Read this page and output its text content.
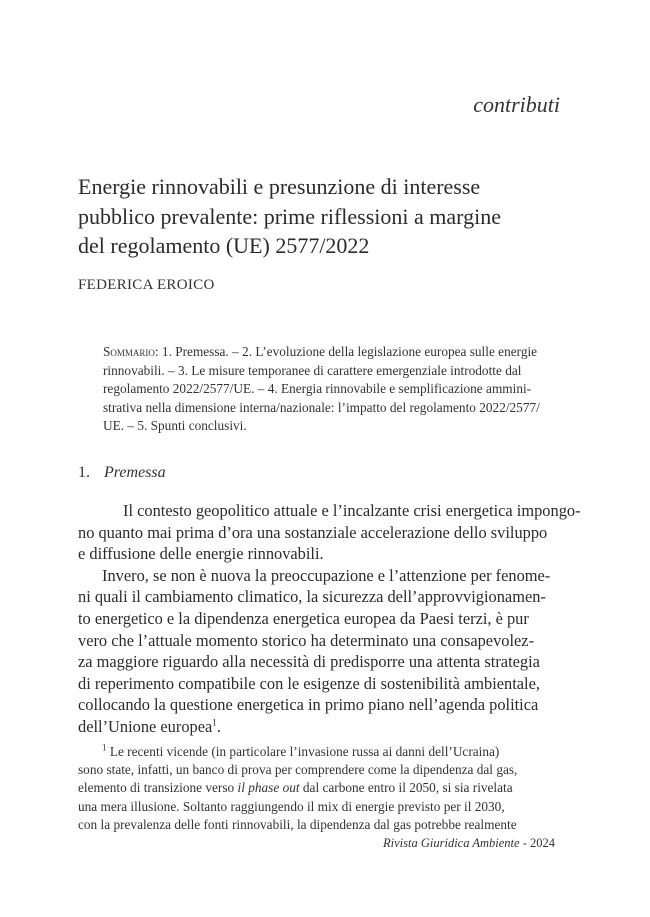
contributi
Energie rinnovabili e presunzione di interesse
pubblico prevalente: prime riflessioni a margine
del regolamento (UE) 2577/2022
FEDERICA EROICO
Sommario: 1. Premessa. – 2. L’evoluzione della legislazione europea sulle energie
rinnovabili. – 3. Le misure temporanee di carattere emergenziale introdotte dal
regolamento 2022/2577/UE. – 4. Energia rinnovabile e semplificazione ammini-
strativa nella dimensione interna/nazionale: l’impatto del regolamento 2022/2577/
UE. – 5. Spunti conclusivi.
1. Premessa
Il contesto geopolitico attuale e l’incalzante crisi energetica impongo-
no quanto mai prima d’ora una sostanziale accelerazione dello sviluppo
e diffusione delle energie rinnovabili.
Invero, se non è nuova la preoccupazione e l’attenzione per fenome-
ni quali il cambiamento climatico, la sicurezza dell’approvvigionamen-
to energetico e la dipendenza energetica europea da Paesi terzi, è pur
vero che l’attuale momento storico ha determinato una consapevolez-
za maggiore riguardo alla necessità di predisporre una attenta strategia
di reperimento compatibile con le esigenze di sostenibilità ambientale,
collocando la questione energetica in primo piano nell’agenda politica
dell’Unione europea$^1$.
$^1$ Le recenti vicende (in particolare l’invasione russa ai danni dell’Ucraina)
sono state, infatti, un banco di prova per comprendere come la dipendenza dal gas,
elemento di transizione verso il phase out dal carbone entro il 2050, si sia rivelata
una mera illusione. Soltanto raggiungendo il mix di energie previsto per il 2030,
con la prevalenza delle fonti rinnovabili, la dipendenza dal gas potrebbe realmente
Rivista Giuridica Ambiente - 2024
